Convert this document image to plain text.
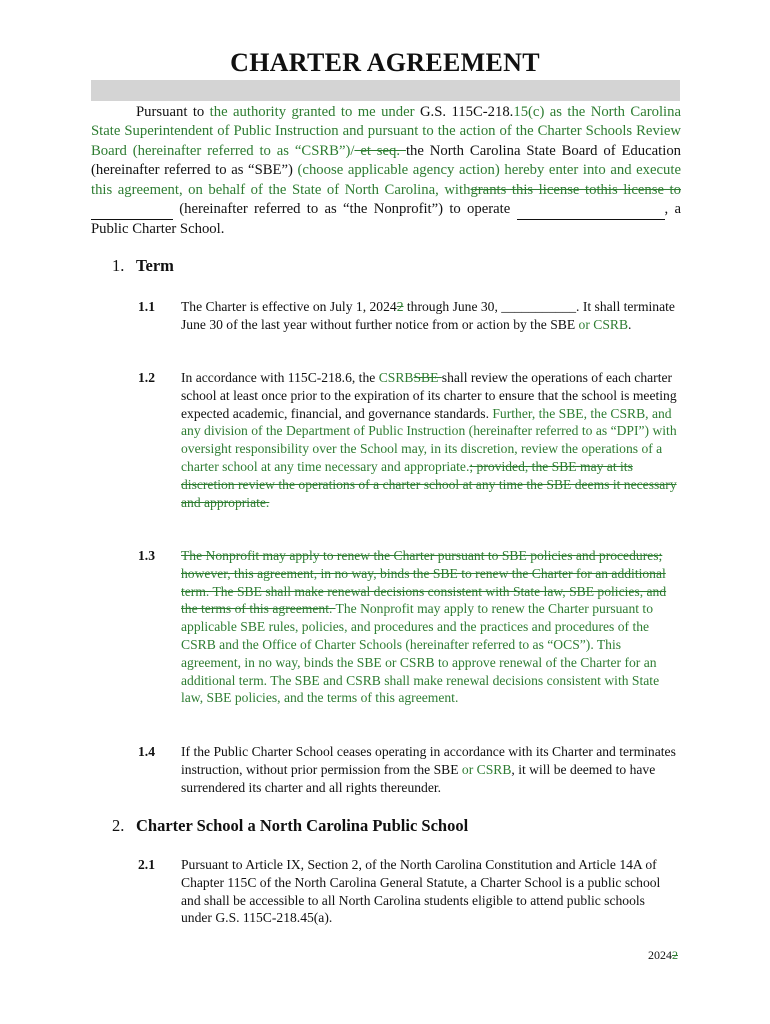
CHARTER AGREEMENT
Pursuant to the authority granted to me under G.S. 115C-218.15(c) as the North Carolina State Superintendent of Public Instruction and pursuant to the action of the Charter Schools Review Board (hereinafter referred to as “CSRB”)/ et seq. the North Carolina State Board of Education (hereinafter referred to as “SBE”) (choose applicable agency action) hereby enter into and execute this agreement, on behalf of the State of North Carolina, withgrants this license tothis license to   (hereinafter referred to as “the Nonprofit”) to operate	, a Public Charter School.
1. Term
1.1 The Charter is effective on July 1, 20242 through June 30, ___________. It shall terminate June 30 of the last year without further notice from or action by the SBE or CSRB.
1.2 In accordance with 115C-218.6, the CSRBSBE shall review the operations of each charter school at least once prior to the expiration of its charter to ensure that the school is meeting expected academic, financial, and governance standards. Further, the SBE, the CSRB, and any division of the Department of Public Instruction (hereinafter referred to as “DPI”) with oversight responsibility over the School may, in its discretion, review the operations of a charter school at any time necessary and appropriate.; provided, the SBE may at its discretion review the operations of a charter school at any time the SBE deems it necessary and appropriate.
1.3 The Nonprofit may apply to renew the Charter pursuant to SBE policies and procedures; however, this agreement, in no way, binds the SBE to renew the Charter for an additional term. The SBE shall make renewal decisions consistent with State law, SBE policies, and the terms of this agreement. The Nonprofit may apply to renew the Charter pursuant to applicable SBE rules, policies, and procedures and the practices and procedures of the CSRB and the Office of Charter Schools (hereinafter referred to as “OCS”). This agreement, in no way, binds the SBE or CSRB to approve renewal of the Charter for an additional term. The SBE and CSRB shall make renewal decisions consistent with State law, SBE policies, and the terms of this agreement.
1.4 If the Public Charter School ceases operating in accordance with its Charter and terminates instruction, without prior permission from the SBE or CSRB, it will be deemed to have surrendered its charter and all rights thereunder.
2. Charter School a North Carolina Public School
2.1 Pursuant to Article IX, Section 2, of the North Carolina Constitution and Article 14A of Chapter 115C of the North Carolina General Statute, a Charter School is a public school and shall be accessible to all North Carolina students eligible to attend public schools under G.S. 115C-218.45(a).
20242
